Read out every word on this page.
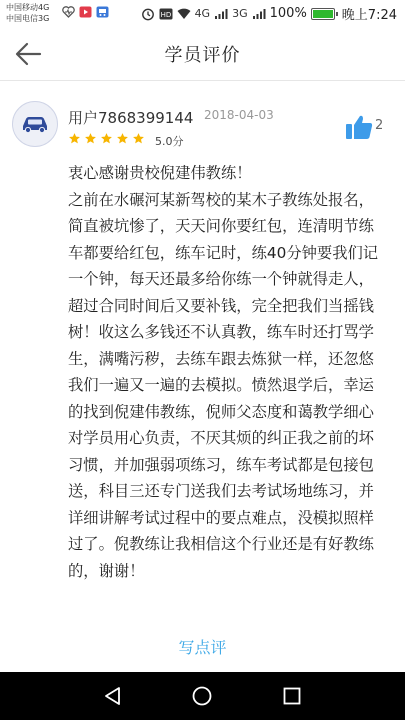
中国移动4G
中国电信3G	HD 4G 3G 100%	晚上7:24
学员评价
用户7868399144 2018-04-03
5.0分
2

衷心感谢贵校倪建伟教练！

之前在水碾河某新驾校的某木子教练处报名，简直被坑惨了，天天问你要红包，连清明节练车都要给红包，练车记时，练40分钟要我们记一个钟，每天还最多给你练一个钟就得走人，超过合同时间后又要补钱，完全把我们当摇钱树！收这么多钱还不认真教，练车时还打骂学生，满嘴污秽，去练车跟去炼狱一样，还忽悠我们一遍又一遍的去模拟。愤然退学后，幸运的找到倪建伟教练，倪师父态度和蔼教学细心对学员用心负责，不厌其烦的纠正我之前的坏习惯，并加强弱项练习，练车考试都是包接包送，科目三还专门送我们去考试场地练习，并详细讲解考试过程中的要点难点，没模拟照样过了。倪教练让我相信这个行业还是有好教练的，谢谢！

写点评
